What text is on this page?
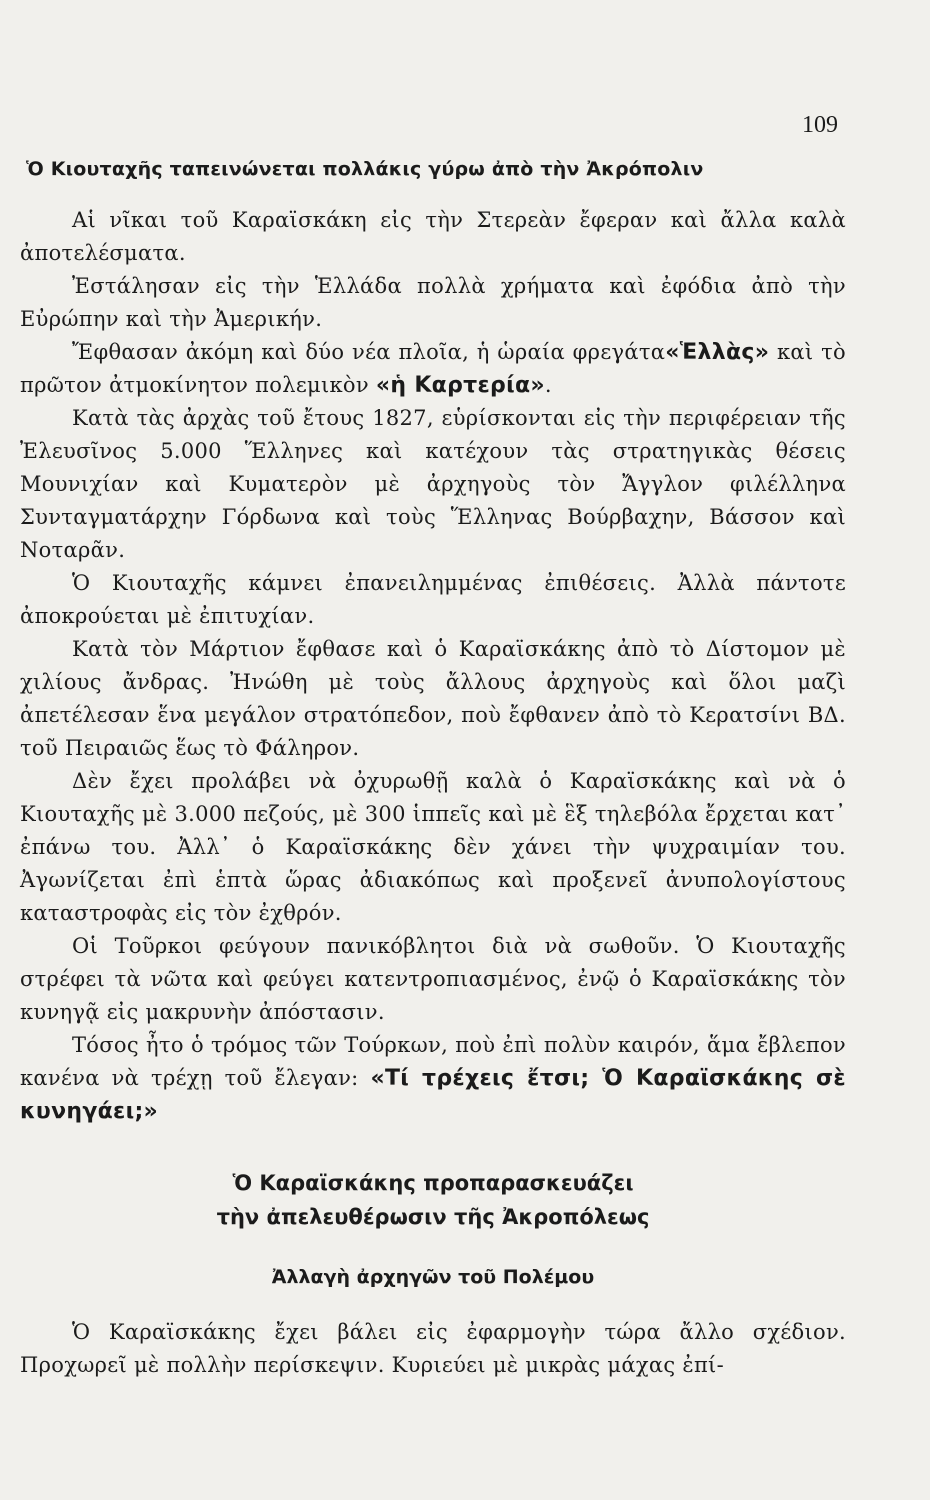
109
Ὁ Κιουταχῆς ταπεινώνεται πολλάκις γύρω ἀπὸ τὴν Ἀκρόπολιν

Αἱ νῖκαι τοῦ Καραϊσκάκη εἰς τὴν Στερεὰν ἔφεραν καὶ ἄλλα καλὰ ἀποτελέσματα.

Ἐστάλησαν εἰς τὴν Ἑλλάδα πολλὰ χρήματα καὶ ἐφόδια ἀπὸ τὴν Εὐρώπην καὶ τὴν Ἀμερικήν.

Ἔφθασαν ἀκόμη καὶ δύο νέα πλοῖα, ἡ ὡραία φρεγάτα«Ἑλλὰς» καὶ τὸ πρῶτον ἀτμοκίνητον πολεμικὸν «ἡ Καρτερία».

Κατὰ τὰς ἀρχὰς τοῦ ἔτους 1827, εὑρίσκονται εἰς τὴν περιφέρειαν τῆς Ἐλευσῖνος 5.000 Ἕλληνες καὶ κατέχουν τὰς στρατηγικὰς θέσεις Μουνιχίαν καὶ Κυματερὸν μὲ ἀρχηγοὺς τὸν Ἄγγλον φιλέλληνα Συνταγματάρχην Γόρδωνα καὶ τοὺς Ἕλληνας Βούρβαχην, Βάσσον καὶ Νοταρᾶν.

Ὁ Κιουταχῆς κάμνει ἐπανειλημμένας ἐπιθέσεις. Ἀλλὰ πάντοτε ἀποκρούεται μὲ ἐπιτυχίαν.

Κατὰ τὸν Μάρτιον ἔφθασε καὶ ὁ Καραϊσκάκης ἀπὸ τὸ Δίστομον μὲ χιλίους ἄνδρας. Ἠνώθη μὲ τοὺς ἄλλους ἀρχηγοὺς καὶ ὅλοι μαζὶ ἀπετέλεσαν ἕνα μεγάλον στρατόπεδον, ποὺ ἔφθανεν ἀπὸ τὸ Κερατσίνι ΒΔ. τοῦ Πειραιῶς ἕως τὸ Φάληρον.

Δὲν ἔχει προλάβει νὰ ὀχυρωθῇ καλὰ ὁ Καραϊσκάκης καὶ νὰ ὁ Κιουταχῆς μὲ 3.000 πεζούς, μὲ 300 ἱππεῖς καὶ μὲ ἓξ τηλεβόλα ἔρχεται κατ᾿ ἐπάνω του. Ἀλλ᾿ ὁ Καραϊσκάκης δὲν χάνει τὴν ψυχραιμίαν του. Ἀγωνίζεται ἐπὶ ἑπτὰ ὥρας ἀδιακόπως καὶ προξενεῖ ἀνυπολογίστους καταστροφὰς εἰς τὸν ἐχθρόν.

Οἱ Τοῦρκοι φεύγουν πανικόβλητοι διὰ νὰ σωθοῦν. Ὁ Κιουταχῆς στρέφει τὰ νῶτα καὶ φεύγει κατεντροπιασμένος, ἐνῷ ὁ Καραϊσκάκης τὸν κυνηγᾷ εἰς μακρυνὴν ἀπόστασιν.

Τόσος ἦτο ὁ τρόμος τῶν Τούρκων, ποὺ ἐπὶ πολὺν καιρόν, ἅμα ἔβλεπον κανένα νὰ τρέχῃ τοῦ ἔλεγαν: «Τί τρέχεις ἔτσι; Ὁ Καραϊσκάκης σὲ κυνηγάει;»

Ὁ Καραϊσκάκης προπαρασκευάζει
τὴν ἀπελευθέρωσιν τῆς Ἀκροπόλεως
Ἀλλαγὴ ἀρχηγῶν τοῦ Πολέμου

Ὁ Καραϊσκάκης ἔχει βάλει εἰς ἐφαρμογὴν τώρα ἄλλο σχέδιον. Προχωρεῖ μὲ πολλὴν περίσκεψιν. Κυριεύει μὲ μικρὰς μάχας ἐπί-
